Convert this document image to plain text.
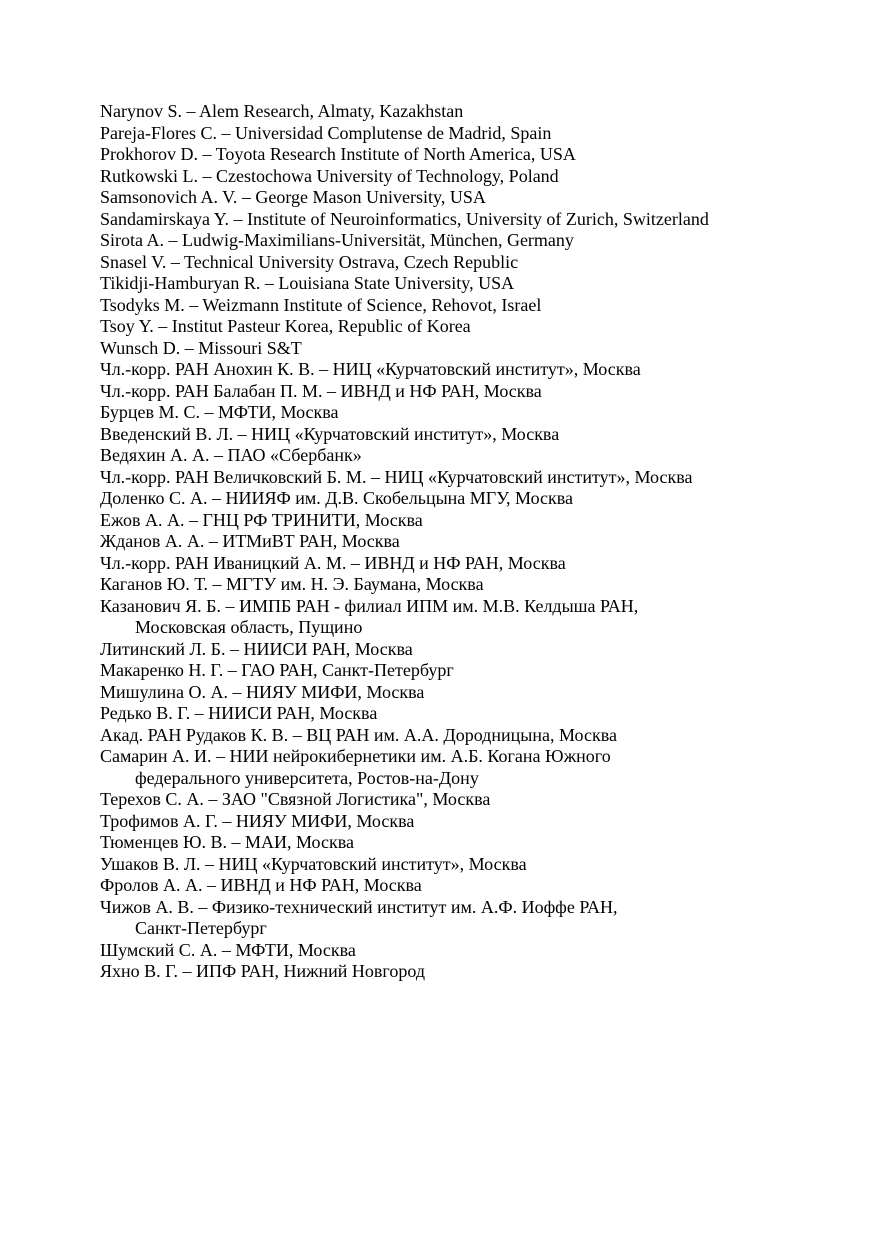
Narynov S. – Alem Research, Almaty, Kazakhstan
Pareja-Flores C. – Universidad Complutense de Madrid, Spain
Prokhorov D. – Toyota Research Institute of North America, USA
Rutkowski L. – Czestochowa University of Technology, Poland
Samsonovich A. V. – George Mason University, USA
Sandamirskaya Y. – Institute of Neuroinformatics, University of Zurich, Switzerland
Sirota A. – Ludwig-Maximilians-Universität, München, Germany
Snasel V. – Technical University Ostrava, Czech Republic
Tikidji-Hamburyan R. – Louisiana State University, USA
Tsodyks M. – Weizmann Institute of Science, Rehovot, Israel
Tsoy Y. – Institut Pasteur Korea, Republic of Korea
Wunsch D. – Missouri S&T
Чл.-корр. РАН Анохин К. В. – НИЦ «Курчатовский институт», Москва
Чл.-корр. РАН Балабан П. М. – ИВНД и НФ РАН, Москва
Бурцев М. С. – МФТИ, Москва
Введенский В. Л. – НИЦ «Курчатовский институт», Москва
Ведяхин А. А. – ПАО «Сбербанк»
Чл.-корр. РАН Величковский Б. М. – НИЦ «Курчатовский институт», Москва
Доленко С. А. – НИИЯФ им. Д.В. Скобельцына МГУ, Москва
Ежов А. А. – ГНЦ РФ ТРИНИТИ, Москва
Жданов А. А. – ИТМиВТ РАН, Москва
Чл.-корр. РАН Иваницкий А. М. – ИВНД и НФ РАН, Москва
Каганов Ю. Т. – МГТУ им. Н. Э. Баумана, Москва
Казанович Я. Б. – ИМПБ РАН - филиал ИПМ им. М.В. Келдыша РАН,
Московская область, Пущино
Литинский Л. Б. – НИИСИ РАН, Москва
Макаренко Н. Г. – ГАО РАН, Санкт-Петербург
Мишулина О. А. – НИЯУ МИФИ, Москва
Редько В. Г. – НИИСИ РАН, Москва
Акад. РАН Рудаков К. В. – ВЦ РАН им. А.А. Дородницына, Москва
Самарин А. И. – НИИ нейрокибернетики им. А.Б. Когана Южного
федерального университета, Ростов-на-Дону
Терехов С. А. – ЗАО "Связной Логистика", Москва
Трофимов А. Г. – НИЯУ МИФИ, Москва
Тюменцев Ю. В. – МАИ, Москва
Ушаков В. Л. – НИЦ «Курчатовский институт», Москва
Фролов А. А. – ИВНД и НФ РАН, Москва
Чижов А. В. – Физико-технический институт им. А.Ф. Иоффе РАН,
Санкт-Петербург
Шумский С. А. – МФТИ, Москва
Яхно В. Г. – ИПФ РАН, Нижний Новгород
